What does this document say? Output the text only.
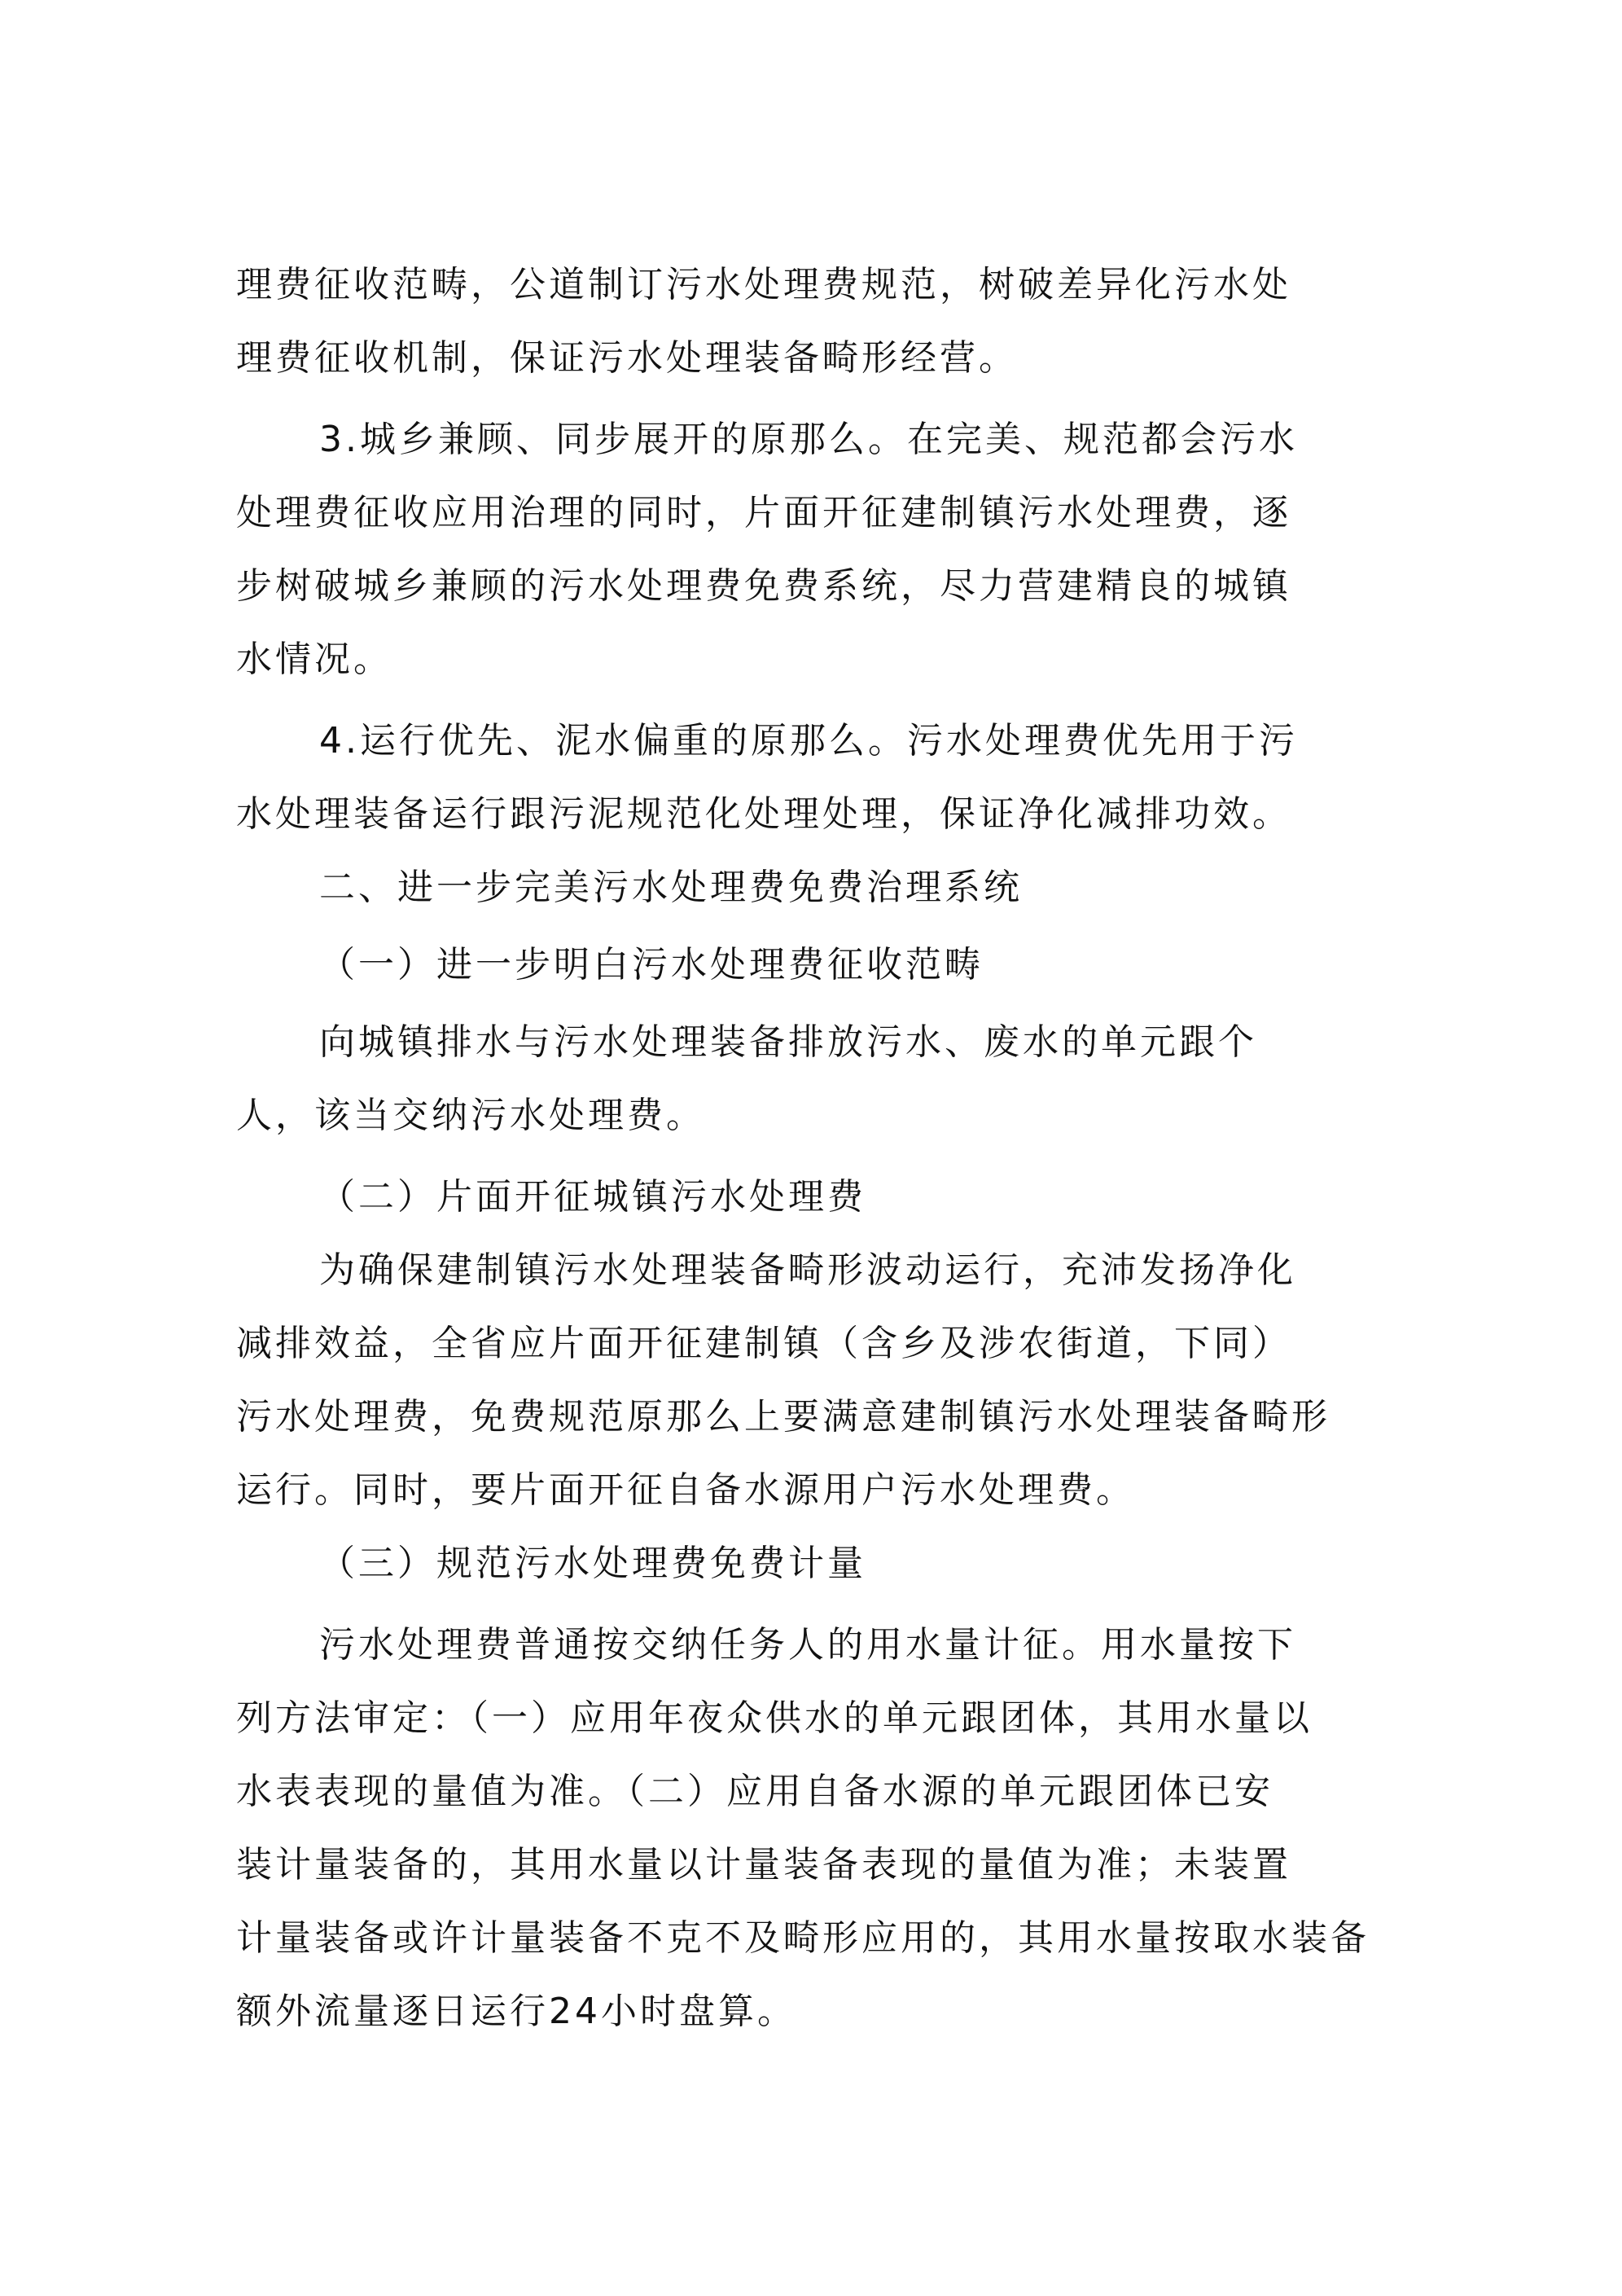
理费征收范畴，公道制订污水处理费规范，树破差异化污水处
理费征收机制，保证污水处理装备畸形经营。
3.城乡兼顾、同步展开的原那么。在完美、规范都会污水
处理费征收应用治理的同时，片面开征建制镇污水处理费，逐
步树破城乡兼顾的污水处理费免费系统，尽力营建精良的城镇
水情况。
4.运行优先、泥水偏重的原那么。污水处理费优先用于污
水处理装备运行跟污泥规范化处理处理，保证净化减排功效。
二、进一步完美污水处理费免费治理系统
（一）进一步明白污水处理费征收范畴
向城镇排水与污水处理装备排放污水、废水的单元跟个
人，该当交纳污水处理费。
（二）片面开征城镇污水处理费
为确保建制镇污水处理装备畸形波动运行，充沛发扬净化
减排效益，全省应片面开征建制镇（含乡及涉农街道，下同）
污水处理费，免费规范原那么上要满意建制镇污水处理装备畸形
运行。同时，要片面开征自备水源用户污水处理费。
（三）规范污水处理费免费计量
污水处理费普通按交纳任务人的用水量计征。用水量按下
列方法审定：（一）应用年夜众供水的单元跟团体，其用水量以
水表表现的量值为准。（二）应用自备水源的单元跟团体已安
装计量装备的，其用水量以计量装备表现的量值为准；未装置
计量装备或许计量装备不克不及畸形应用的，其用水量按取水装备
额外流量逐日运行24小时盘算。
